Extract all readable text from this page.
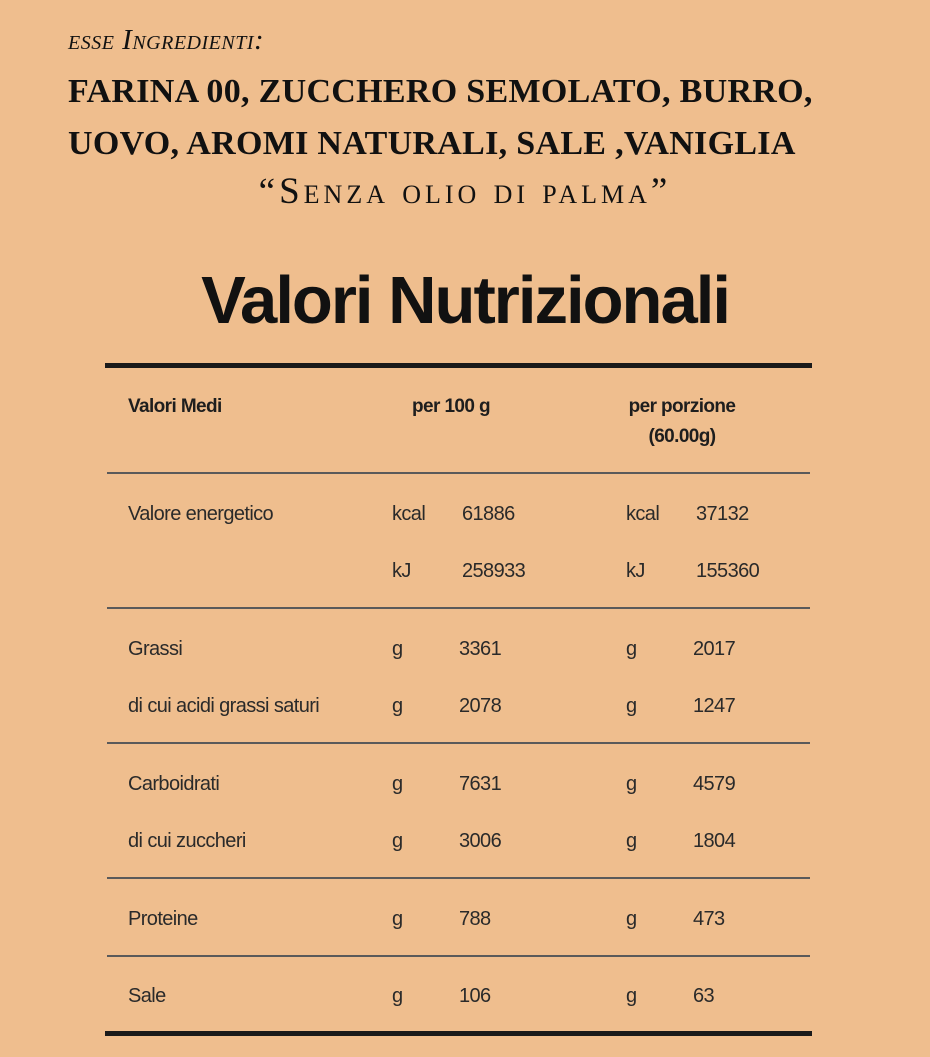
esse Ingredienti:
FARINA 00, ZUCCHERO SEMOLATO, BURRO,
UOVO, AROMI NATURALI, SALE ,VANIGLIA
“Senza olio di palma”
Valori Nutrizionali
Valori Medi	per 100 g	per porzione
(60.00g)
Valore energetico	kcal 61886	kcal 37132
kJ	258933	kJ	155360
Grassi	g	3361	g	2017
di cui acidi grassi saturi	g	2078	g	1247
Carboidrati	g	7631	g	4579
di cui zuccheri	g	3006	g	1804
Proteine	g	788	g	473
Sale	g	106	g	63
